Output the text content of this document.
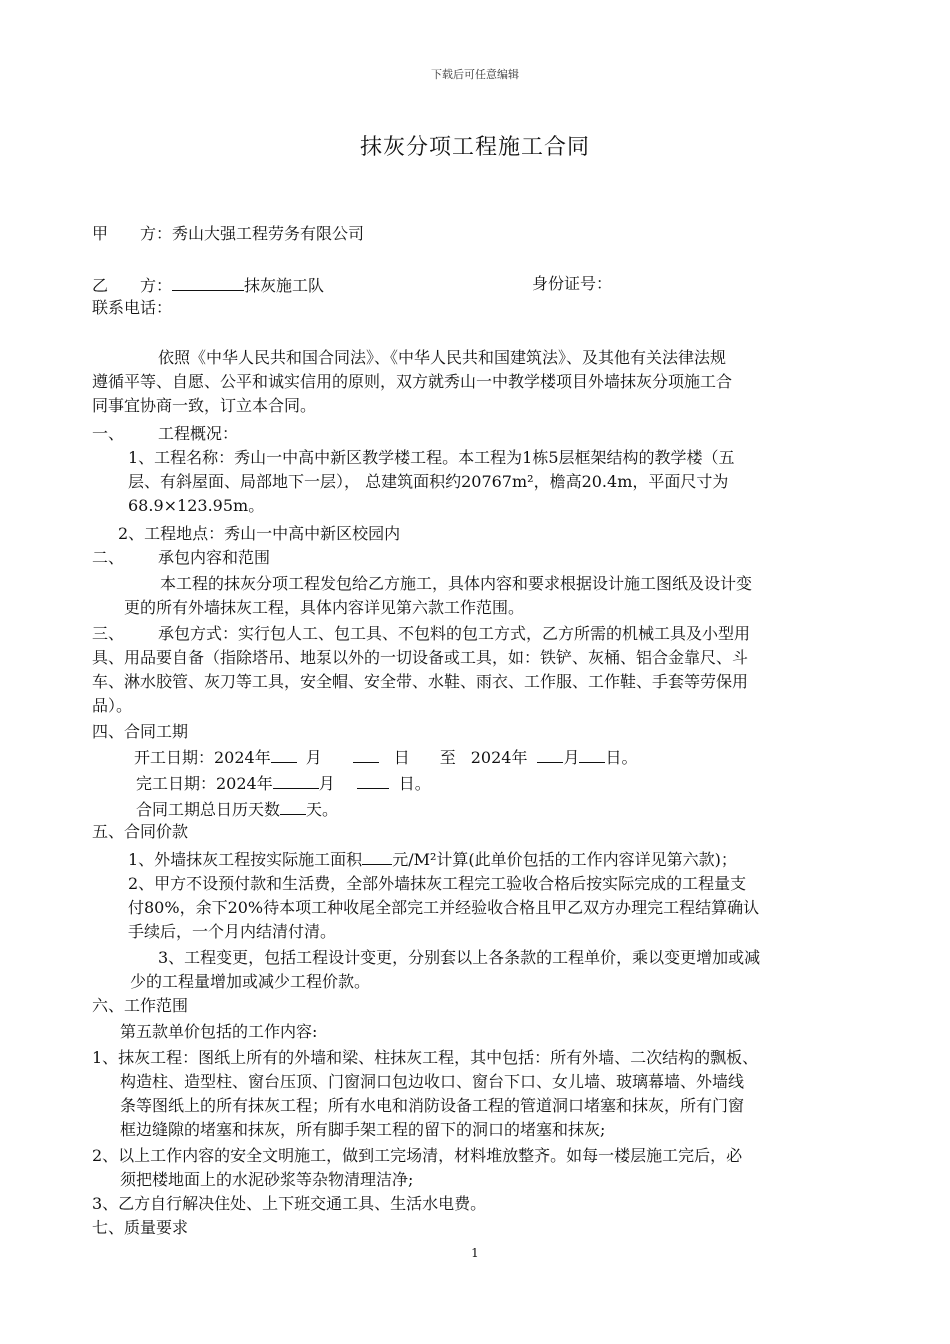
下载后可任意编辑
抹灰分项工程施工合同
甲　　方：秀山大强工程劳务有限公司
乙　　方：	抹灰施工队	身份证号：
联系电话：
依照《中华人民共和国合同法》、《中华人民共和国建筑法》、及其他有关法律法规
遵循平等、自愿、公平和诚实信用的原则，双方就秀山一中教学楼项目外墙抹灰分项施工合
同事宜协商一致，订立本合同。
一、 工程概况：
1、工程名称：秀山一中高中新区教学楼工程。本工程为1栋5层框架结构的教学楼（五
层、有斜屋面、局部地下一层）， 总建筑面积约20767m²，檐高20.4m，平面尺寸为
68.9×123.95m。
2、工程地点：秀山一中高中新区校园内
二、 承包内容和范围
本工程的抹灰分项工程发包给乙方施工，具体内容和要求根据设计施工图纸及设计变
更的所有外墙抹灰工程，具体内容详见第六款工作范围。
三、 承包方式：实行包人工、包工具、不包料的包工方式，乙方所需的机械工具及小型用
具、用品要自备（指除塔吊、地泵以外的一切设备或工具，如：铁铲、灰桶、铝合金靠尺、斗
车、淋水胶管、灰刀等工具，安全帽、安全带、水鞋、雨衣、工作服、工作鞋、手套等劳保用
品）。
四、合同工期
开工日期：2024年 月	日 至 2024年 月 日。
完工日期：2024年	月	日。
合同工期总日历天数 天。
五、合同价款
1、外墙抹灰工程按实际施工面积 元/M²计算(此单价包括的工作内容详见第六款)；
2、甲方不设预付款和生活费，全部外墙抹灰工程完工验收合格后按实际完成的工程量支
付80%，余下20%待本项工种收尾全部完工并经验收合格且甲乙双方办理完工程结算确认
手续后，一个月内结清付清。
3、工程变更，包括工程设计变更，分别套以上各条款的工程单价，乘以变更增加或减
少的工程量增加或减少工程价款。
六、工作范围
第五款单价包括的工作内容:
1、抹灰工程：图纸上所有的外墙和梁、柱抹灰工程，其中包括：所有外墙、二次结构的飘板、
构造柱、造型柱、窗台压顶、门窗洞口包边收口、窗台下口、女儿墙、玻璃幕墙、外墙线
条等图纸上的所有抹灰工程；所有水电和消防设备工程的管道洞口堵塞和抹灰，所有门窗
框边缝隙的堵塞和抹灰，所有脚手架工程的留下的洞口的堵塞和抹灰;
2、以上工作内容的安全文明施工，做到工完场清，材料堆放整齐。如每一楼层施工完后，必
须把楼地面上的水泥砂浆等杂物清理洁净;
3、乙方自行解决住处、上下班交通工具、生活水电费。
七、质量要求
1
